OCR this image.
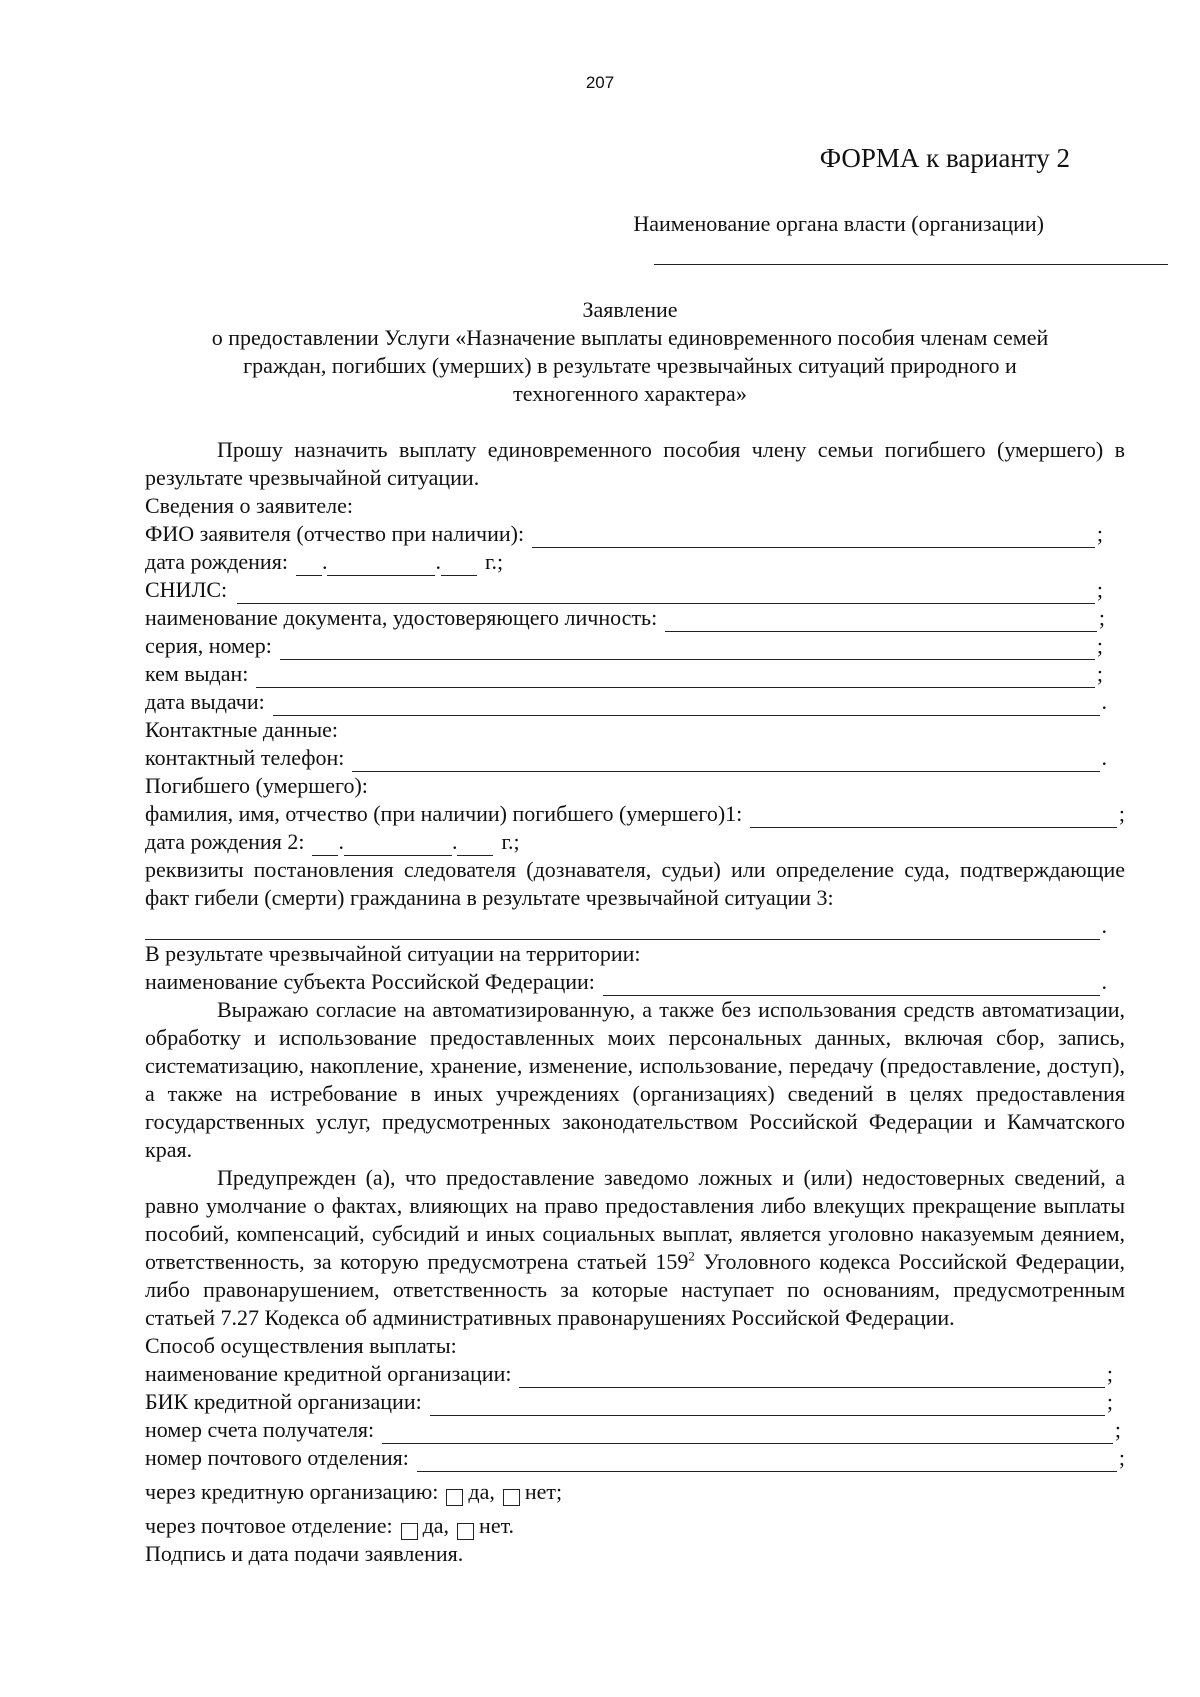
207
ФОРМА к варианту 2
Наименование органа власти (организации)
Заявление
о предоставлении Услуги «Назначение выплаты единовременного пособия членам семей
граждан, погибших (умерших) в результате чрезвычайных ситуаций природного и
техногенного характера»
Прошу назначить выплату единовременного пособия члену семьи погибшего (умершего) в результате чрезвычайной ситуации.
Сведения о заявителе:
ФИО заявителя (отчество при наличии):	;
дата рождения: .	. г.;
СНИЛС:	;
наименование документа, удостоверяющего личность:	;
серия, номер:	;
кем выдан:	;
дата выдачи:	.
Контактные данные:
контактный телефон:	.
Погибшего (умершего):
фамилия, имя, отчество (при наличии) погибшего (умершего)1:	;
дата рождения 2: .	. г.;
реквизиты постановления следователя (дознавателя, судьи) или определение суда, подтверждающие факт гибели (смерти) гражданина в результате чрезвычайной ситуации 3:
.
В результате чрезвычайной ситуации на территории:
наименование субъекта Российской Федерации:	.
Выражаю согласие на автоматизированную, а также без использования средств автоматизации, обработку и использование предоставленных моих персональных данных, включая сбор, запись, систематизацию, накопление, хранение, изменение, использование, передачу (предоставление, доступ), а также на истребование в иных учреждениях (организациях) сведений в целях предоставления государственных услуг, предусмотренных законодательством Российской Федерации и Камчатского края.
Предупрежден (а), что предоставление заведомо ложных и (или) недостоверных сведений, а равно умолчание о фактах, влияющих на право предоставления либо влекущих прекращение выплаты пособий, компенсаций, субсидий и иных социальных выплат, является уголовно наказуемым деянием, ответственность, за которую предусмотрена статьей $159^2$ Уголовного кодекса Российской Федерации, либо правонарушением, ответственность за которые наступает по основаниям, предусмотренным статьей 7.27 Кодекса об административных правонарушениях Российской Федерации.
Способ осуществления выплаты:
наименование кредитной организации:	;
БИК кредитной организации:	;
номер счета получателя:	;
номер почтового отделения:	;
через кредитную организацию: да, нет;
через почтовое отделение: да, нет.
Подпись и дата подачи заявления.
